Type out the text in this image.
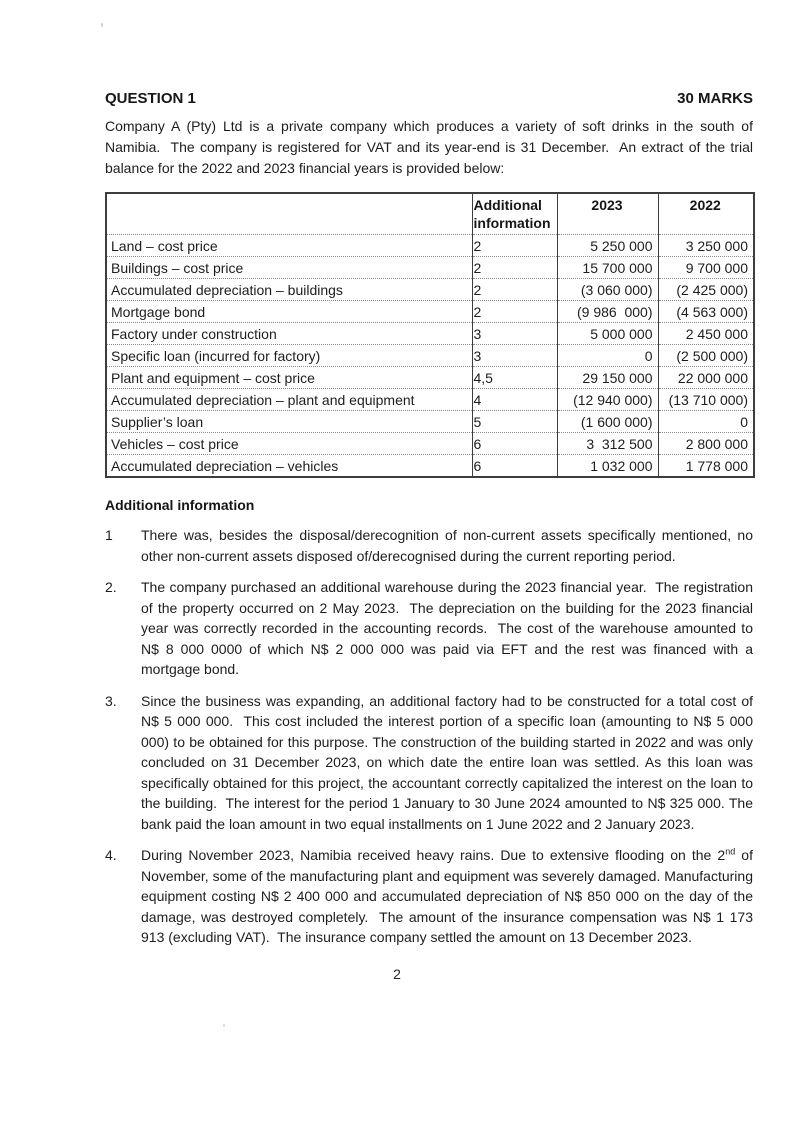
QUESTION 1	30 MARKS
Company A (Pty) Ltd is a private company which produces a variety of soft drinks in the south of Namibia.  The company is registered for VAT and its year-end is 31 December.  An extract of the trial balance for the 2022 and 2023 financial years is provided below:
	Additional information	2023	2022
Land – cost price	2	5 250 000	3 250 000
Buildings – cost price	2	15 700 000	9 700 000
Accumulated depreciation – buildings	2	(3 060 000)	(2 425 000)
Mortgage bond	2	(9 986  000)	(4 563 000)
Factory under construction	3	5 000 000	2 450 000
Specific loan (incurred for factory)	3	0	(2 500 000)
Plant and equipment – cost price	4,5	29 150 000	22 000 000
Accumulated depreciation – plant and equipment	4	(12 940 000)	(13 710 000)
Supplier’s loan	5	(1 600 000)	0
Vehicles – cost price	6	3  312 500	2 800 000
Accumulated depreciation – vehicles	6	1 032 000	1 778 000
Additional information
1	There was, besides the disposal/derecognition of non-current assets specifically mentioned, no other non-current assets disposed of/derecognised during the current reporting period.
2.	The company purchased an additional warehouse during the 2023 financial year.  The registration of the property occurred on 2 May 2023.  The depreciation on the building for the 2023 financial year was correctly recorded in the accounting records.  The cost of the warehouse amounted to N$ 8 000 0000 of which N$ 2 000 000 was paid via EFT and the rest was financed with a mortgage bond.
3.	Since the business was expanding, an additional factory had to be constructed for a total cost of N$ 5 000 000.  This cost included the interest portion of a specific loan (amounting to N$ 5 000 000) to be obtained for this purpose. The construction of the building started in 2022 and was only concluded on 31 December 2023, on which date the entire loan was settled. As this loan was specifically obtained for this project, the accountant correctly capitalized the interest on the loan to the building.  The interest for the period 1 January to 30 June 2024 amounted to N$ 325 000. The bank paid the loan amount in two equal installments on 1 June 2022 and 2 January 2023.
4.	During November 2023, Namibia received heavy rains. Due to extensive flooding on the 2nd of November, some of the manufacturing plant and equipment was severely damaged. Manufacturing equipment costing N$ 2 400 000 and accumulated depreciation of N$ 850 000 on the day of the damage, was destroyed completely.  The amount of the insurance compensation was N$ 1 173 913 (excluding VAT).  The insurance company settled the amount on 13 December 2023.
2
